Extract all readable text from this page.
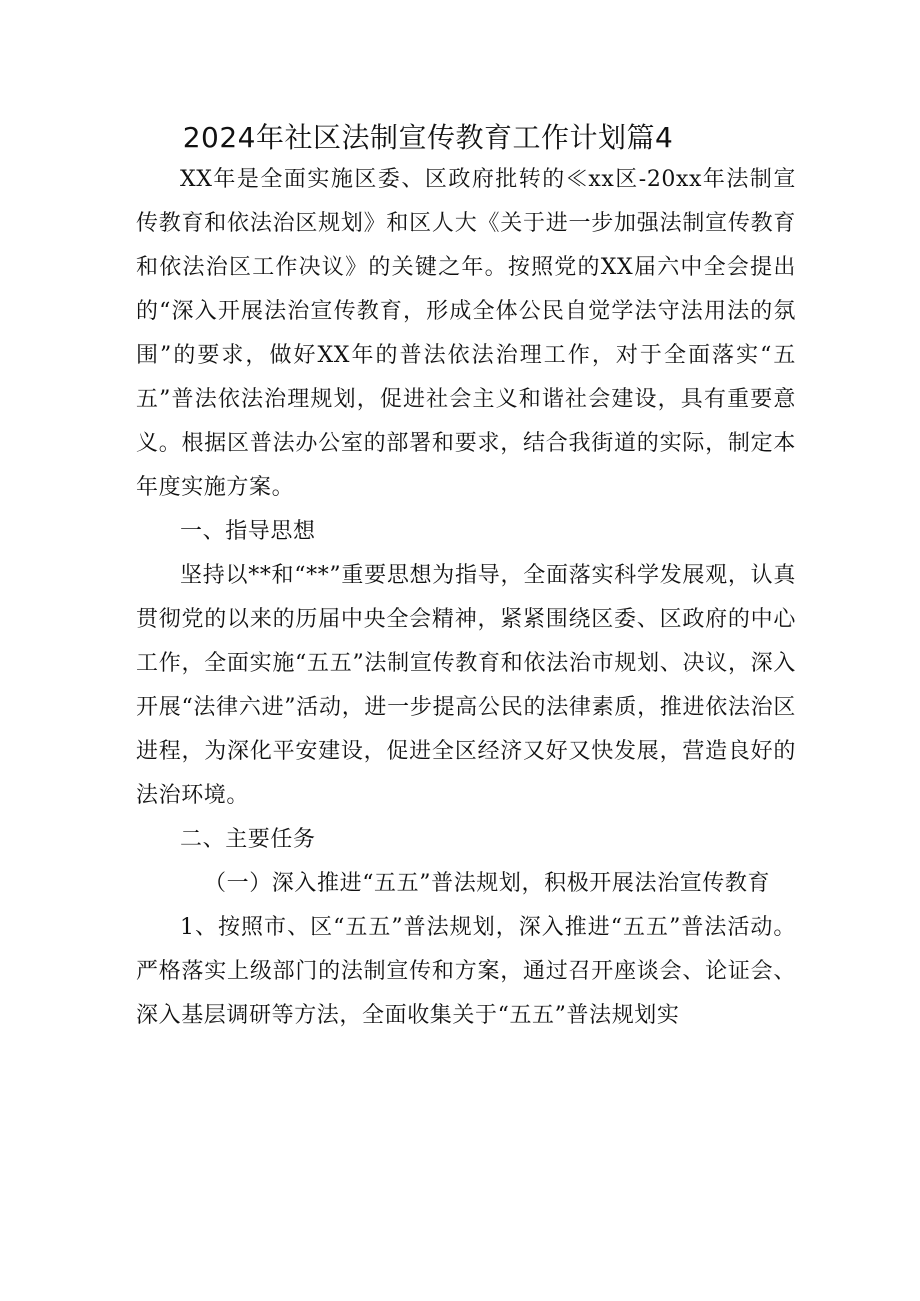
2024年社区法制宣传教育工作计划篇4

XX年是全面实施区委、区政府批转的≪xx区-20xx年法制宣传教育和依法治区规划》和区人大《关于进一步加强法制宣传教育和依法治区工作决议》的关键之年。按照党的XX届六中全会提出的“深入开展法治宣传教育，形成全体公民自觉学法守法用法的氛围”的要求，做好XX年的普法依法治理工作，对于全面落实“五五”普法依法治理规划，促进社会主义和谐社会建设，具有重要意义。根据区普法办公室的部署和要求，结合我街道的实际，制定本年度实施方案。

一、指导思想

坚持以**和“**”重要思想为指导，全面落实科学发展观，认真贯彻党的以来的历届中央全会精神，紧紧围绕区委、区政府的中心工作，全面实施“五五”法制宣传教育和依法治市规划、决议，深入开展“法律六进”活动，进一步提高公民的法律素质，推进依法治区进程，为深化平安建设，促进全区经济又好又快发展，营造良好的法治环境。

二、主要任务

（一）深入推进“五五”普法规划，积极开展法治宣传教育

1、按照市、区“五五”普法规划，深入推进“五五”普法活动。严格落实上级部门的法制宣传和方案，通过召开座谈会、论证会、深入基层调研等方法，全面收集关于“五五”普法规划实
